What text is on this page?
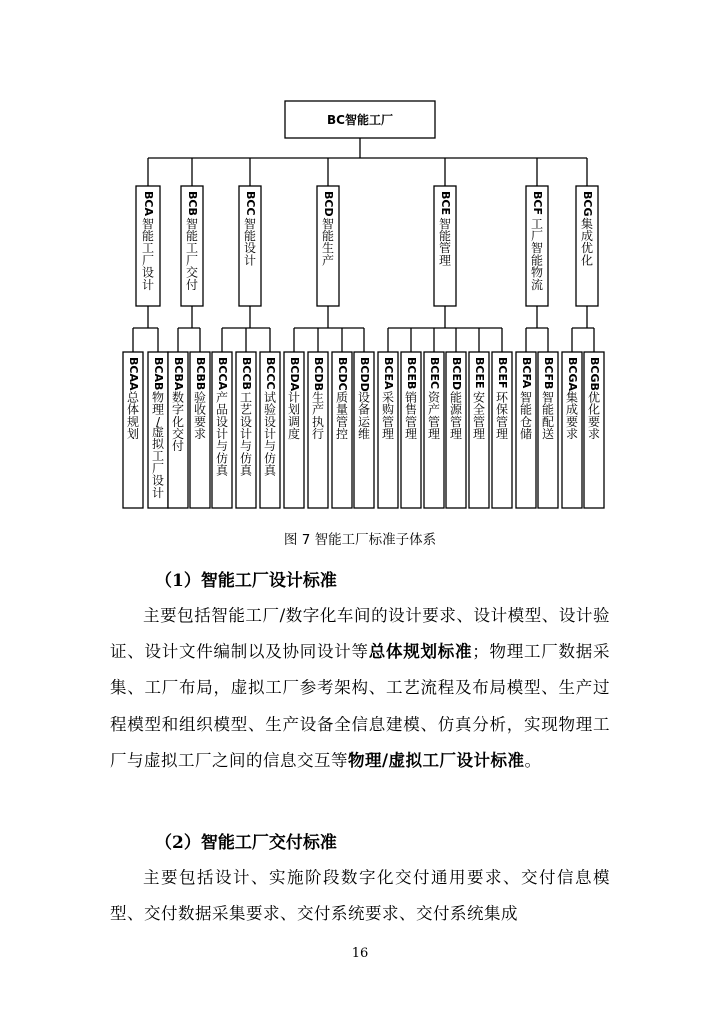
BC智能工厂
BCA
智能工厂设计
BCB
智能工厂交付
BCC
智能设计
BCD
智能生产
BCE
智能管理
BCF
工厂智能物流
BCG
集成优化
BCAA
总体规划
BCAB
物理/虚拟工厂设计
BCBA
数字化交付
BCBB
验收要求
BCCA
产品设计与仿真
BCCB
工艺设计与仿真
BCCC
试验设计与仿真
BCDA
计划调度
BCDB
生产执行
BCDC
质量管控
BCDD
设备运维
BCEA
采购管理
BCEB
销售管理
BCEC
资产管理
BCED
能源管理
BCEE
安全管理
BCEF
环保管理
BCFA
智能仓储
BCFB
智能配送
BCGA
集成要求
BCGB
优化要求
图 7 智能工厂标准子体系
（1）智能工厂设计标准
主要包括智能工厂/数字化车间的设计要求、设计模型、设计验证、设计文件编制以及协同设计等总体规划标准；物理工厂数据采集、工厂布局，虚拟工厂参考架构、工艺流程及布局模型、生产过程模型和组织模型、生产设备全信息建模、仿真分析，实现物理工厂与虚拟工厂之间的信息交互等物理/虚拟工厂设计标准。
（2）智能工厂交付标准
主要包括设计、实施阶段数字化交付通用要求、交付信息模型、交付数据采集要求、交付系统要求、交付系统集成
16
